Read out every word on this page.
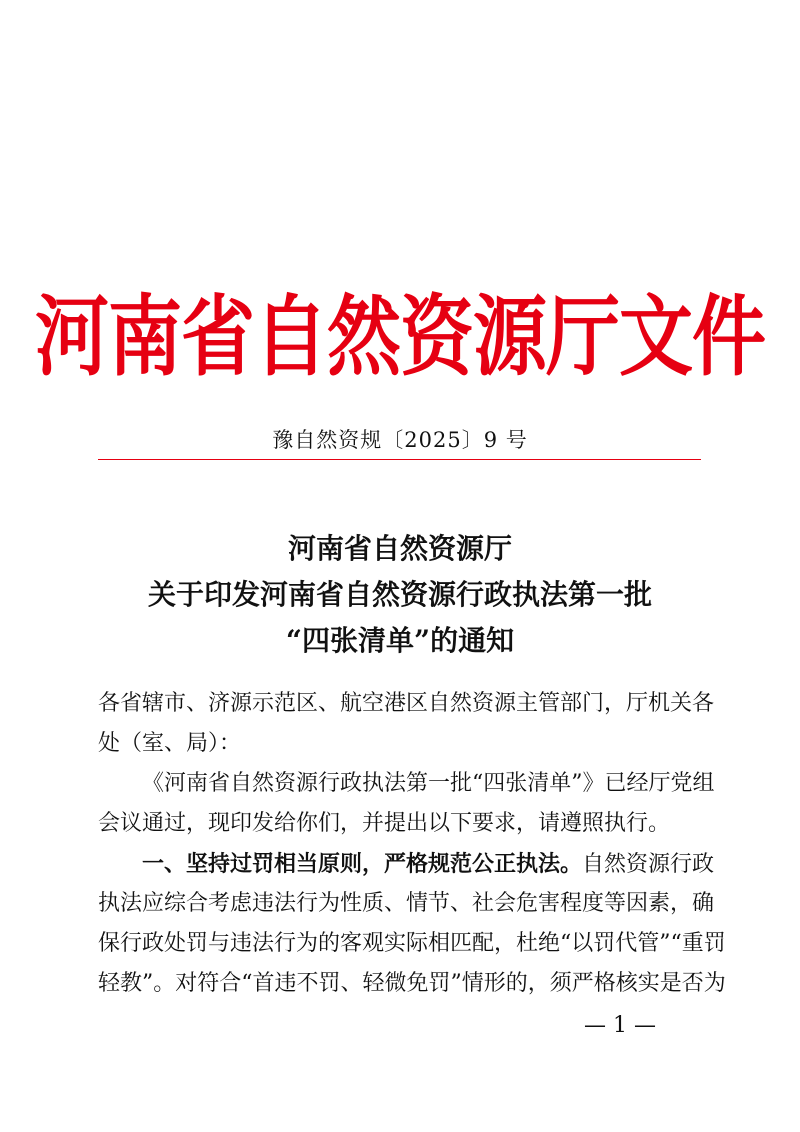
河南省自然资源厅文件
豫自然资规〔2025〕9 号
河南省自然资源厅
关于印发河南省自然资源行政执法第一批
“四张清单”的通知
各省辖市、济源示范区、航空港区自然资源主管部门，厅机关各
处（室、局）：
《河南省自然资源行政执法第一批“四张清单”》已经厅党组
会议通过，现印发给你们，并提出以下要求，请遵照执行。
一、坚持过罚相当原则，严格规范公正执法。自然资源行政
执法应综合考虑违法行为性质、情节、社会危害程度等因素，确
保行政处罚与违法行为的客观实际相匹配，杜绝“以罚代管”“重罚
轻教”。对符合“首违不罚、轻微免罚”情形的，须严格核实是否为
— 1 —
